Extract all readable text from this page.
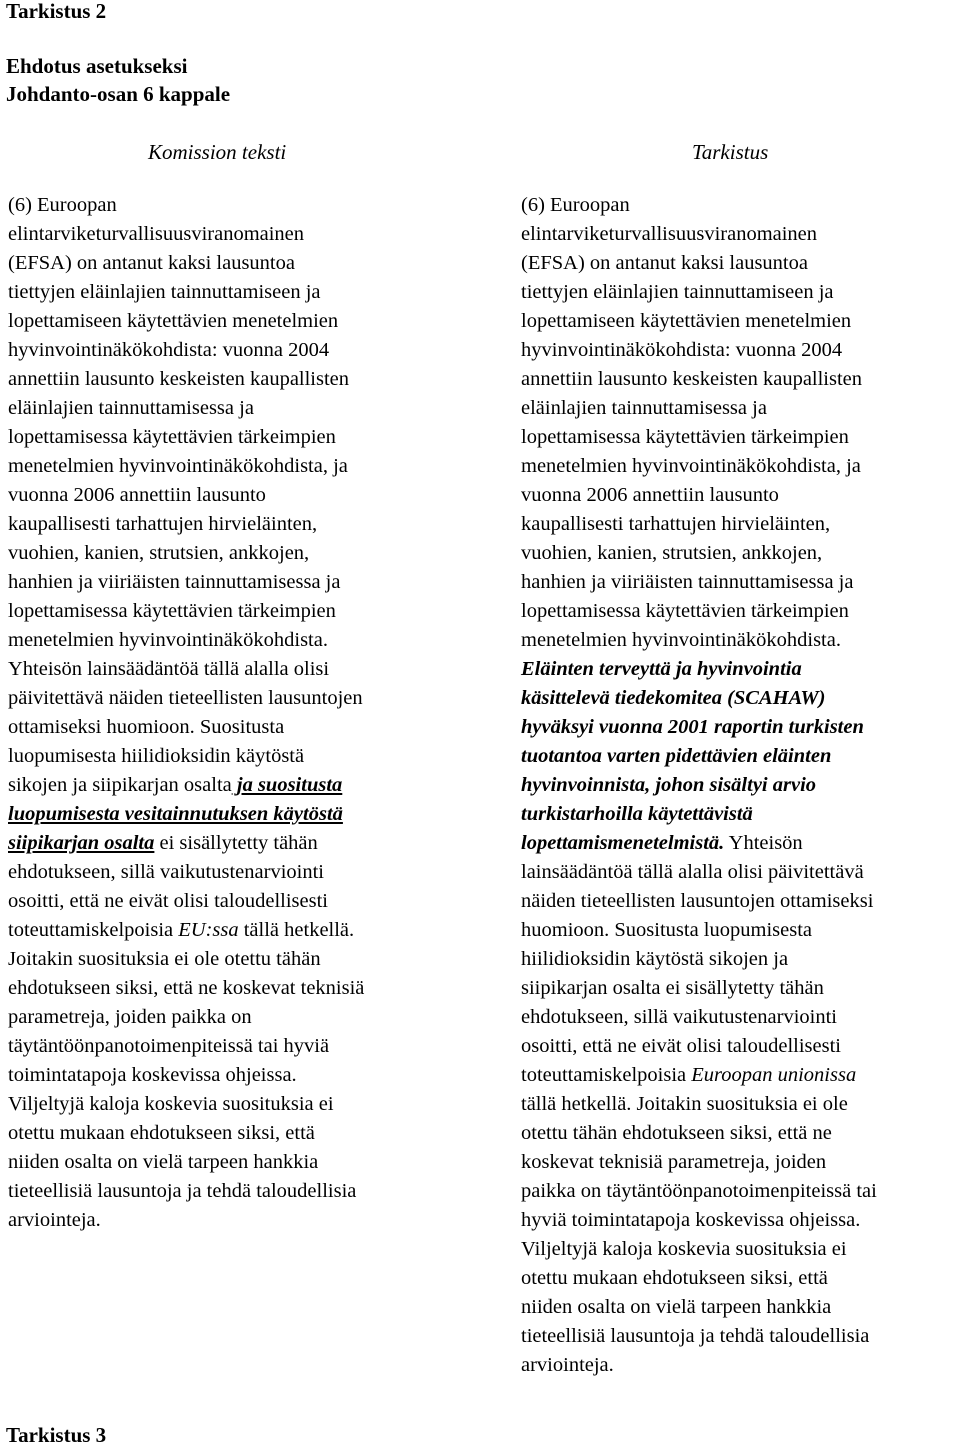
Tarkistus 2
Ehdotus asetukseksi
Johdanto-osan 6 kappale
Komission teksti	Tarkistus
(6) Euroopan
elintarviketurvallisuusviranomainen
(EFSA) on antanut kaksi lausuntoa
tiettyjen eläinlajien tainnuttamiseen ja
lopettamiseen käytettävien menetelmien
hyvinvointinäkökohdista: vuonna 2004
annettiin lausunto keskeisten kaupallisten
eläinlajien tainnuttamisessa ja
lopettamisessa käytettävien tärkeimpien
menetelmien hyvinvointinäkökohdista, ja
vuonna 2006 annettiin lausunto
kaupallisesti tarhattujen hirvieläinten,
vuohien, kanien, strutsien, ankkojen,
hanhien ja viiriäisten tainnuttamisessa ja
lopettamisessa käytettävien tärkeimpien
menetelmien hyvinvointinäkökohdista.
Yhteisön lainsäädäntöä tällä alalla olisi
päivitettävä näiden tieteellisten lausuntojen
ottamiseksi huomioon. Suositusta
luopumisesta hiilidioksidin käytöstä
sikojen ja siipikarjan osalta ja suositusta
luopumisesta vesitainnutuksen käytöstä
siipikarjan osalta ei sisällytetty tähän
ehdotukseen, sillä vaikutustenarviointi
osoitti, että ne eivät olisi taloudellisesti
toteuttamiskelpoisia EU:ssa tällä hetkellä.
Joitakin suosituksia ei ole otettu tähän
ehdotukseen siksi, että ne koskevat teknisiä
parametreja, joiden paikka on
täytäntöönpanotoimenpiteissä tai hyviä
toimintatapoja koskevissa ohjeissa.
Viljeltyjä kaloja koskevia suosituksia ei
otettu mukaan ehdotukseen siksi, että
niiden osalta on vielä tarpeen hankkia
tieteellisiä lausuntoja ja tehdä taloudellisia
arviointeja.
(6) Euroopan
elintarviketurvallisuusviranomainen
(EFSA) on antanut kaksi lausuntoa
tiettyjen eläinlajien tainnuttamiseen ja
lopettamiseen käytettävien menetelmien
hyvinvointinäkökohdista: vuonna 2004
annettiin lausunto keskeisten kaupallisten
eläinlajien tainnuttamisessa ja
lopettamisessa käytettävien tärkeimpien
menetelmien hyvinvointinäkökohdista, ja
vuonna 2006 annettiin lausunto
kaupallisesti tarhattujen hirvieläinten,
vuohien, kanien, strutsien, ankkojen,
hanhien ja viiriäisten tainnuttamisessa ja
lopettamisessa käytettävien tärkeimpien
menetelmien hyvinvointinäkökohdista.
Eläinten terveyttä ja hyvinvointia
käsittelevä tiedekomitea (SCAHAW)
hyväksyi vuonna 2001 raportin turkisten
tuotantoa varten pidettävien eläinten
hyvinvoinnista, johon sisältyi arvio
turkistarhoilla käytettävistä
lopettamismenetelmistä. Yhteisön
lainsäädäntöä tällä alalla olisi päivitettävä
näiden tieteellisten lausuntojen ottamiseksi
huomioon. Suositusta luopumisesta
hiilidioksidin käytöstä sikojen ja
siipikarjan osalta ei sisällytetty tähän
ehdotukseen, sillä vaikutustenarviointi
osoitti, että ne eivät olisi taloudellisesti
toteuttamiskelpoisia Euroopan unionissa
tällä hetkellä. Joitakin suosituksia ei ole
otettu tähän ehdotukseen siksi, että ne
koskevat teknisiä parametreja, joiden
paikka on täytäntöönpanotoimenpiteissä tai
hyviä toimintatapoja koskevissa ohjeissa.
Viljeltyjä kaloja koskevia suosituksia ei
otettu mukaan ehdotukseen siksi, että
niiden osalta on vielä tarpeen hankkia
tieteellisiä lausuntoja ja tehdä taloudellisia
arviointeja.
Tarkistus 3
